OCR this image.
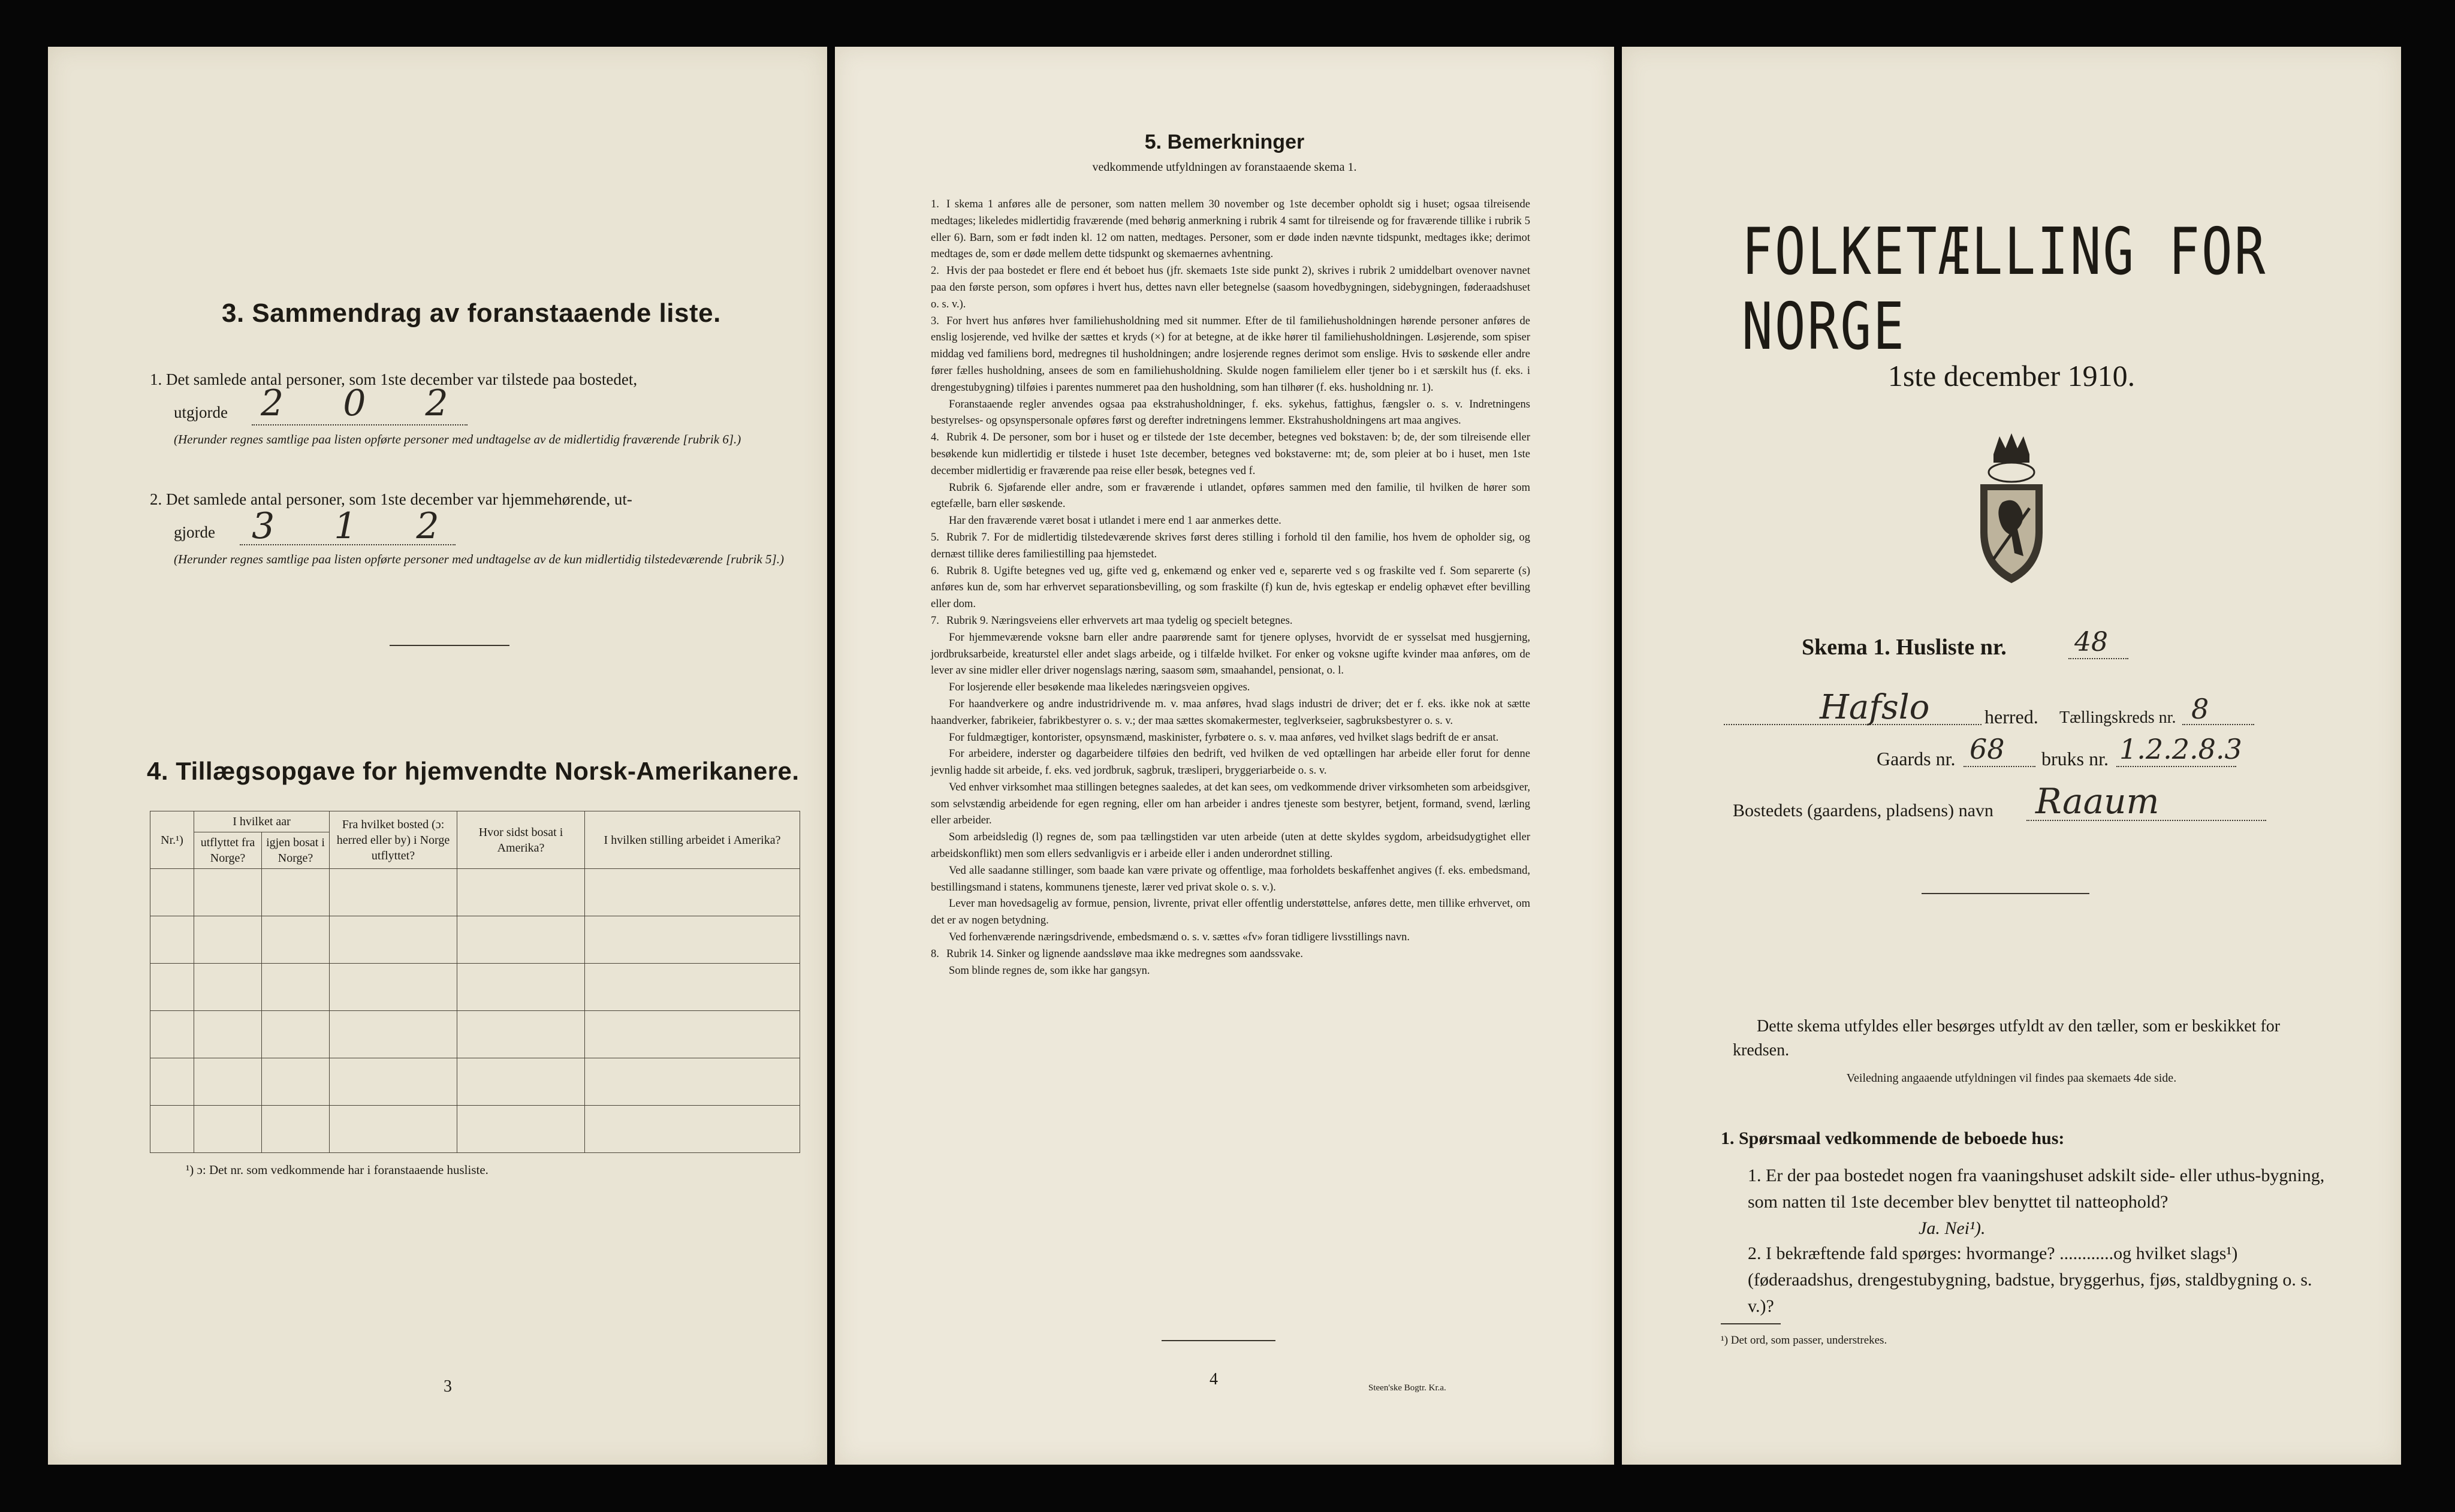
3. Sammendrag av foranstaaende liste.
1. Det samlede antal personer, som 1ste december var tilstede paa bostedet,
utgjorde 2 0 2
(Herunder regnes samtlige paa listen opførte personer med undtagelse av de midlertidig fraværende [rubrik 6].)
2. Det samlede antal personer, som 1ste december var hjemmehørende, ut-
gjorde 3 1 2
(Herunder regnes samtlige paa listen opførte personer med undtagelse av de kun midlertidig tilstedeværende [rubrik 5].)
4. Tillægsopgave for hjemvendte Norsk-Amerikanere.
Nr.¹)	I hvilket aar		Fra hvilket bosted (ɔ: herred eller by) i Norge utflyttet?	Hvor sidst bosat i Amerika?	I hvilken stilling arbeidet i Amerika?
	utflyttet fra Norge?	igjen bosat i Norge?			

¹) ɔ: Det nr. som vedkommende har i foranstaaende husliste.
3
5. Bemerkninger
vedkommende utfyldningen av foranstaaende skema 1.

1. I skema 1 anføres alle de personer, som natten mellem 30 november og 1ste december opholdt sig i huset; ogsaa tilreisende medtages; likeledes midlertidig fraværende (med behørig anmerkning i rubrik 4 samt for tilreisende og for fraværende tillike i rubrik 5 eller 6). Barn, som er født inden kl. 12 om natten, medtages. Personer, som er døde inden nævnte tidspunkt, medtages ikke; derimot medtages de, som er døde mellem dette tidspunkt og skemaernes avhentning.

2. Hvis der paa bostedet er flere end ét beboet hus (jfr. skemaets 1ste side punkt 2), skrives i rubrik 2 umiddelbart ovenover navnet paa den første person, som opføres i hvert hus, dettes navn eller betegnelse (saasom hovedbygningen, sidebygningen, føderaadshuset o. s. v.).

3. For hvert hus anføres hver familiehusholdning med sit nummer. Efter de til familiehusholdningen hørende personer anføres de enslig losjerende, ved hvilke der sættes et kryds (×) for at betegne, at de ikke hører til familiehusholdningen. Løsjerende, som spiser middag ved familiens bord, medregnes til husholdningen; andre losjerende regnes derimot som enslige. Hvis to søskende eller andre fører fælles husholdning, ansees de som en familiehusholdning. Skulde nogen familielem eller tjener bo i et særskilt hus (f. eks. i drengestubygning) tilføies i parentes nummeret paa den husholdning, som han tilhører (f. eks. husholdning nr. 1).

Foranstaaende regler anvendes ogsaa paa ekstrahusholdninger, f. eks. sykehus, fattighus, fængsler o. s. v. Indretningens bestyrelses- og opsynspersonale opføres først og derefter indretningens lemmer. Ekstrahusholdningens art maa angives.

4. Rubrik 4. De personer, som bor i huset og er tilstede der 1ste december, betegnes ved bokstaven: b; de, der som tilreisende eller besøkende kun midlertidig er tilstede i huset 1ste december, betegnes ved bokstaverne: mt; de, som pleier at bo i huset, men 1ste december midlertidig er fraværende paa reise eller besøk, betegnes ved f.

Rubrik 6. Sjøfarende eller andre, som er fraværende i utlandet, opføres sammen med den familie, til hvilken de hører som egtefælle, barn eller søskende.

Har den fraværende været bosat i utlandet i mere end 1 aar anmerkes dette.

5. Rubrik 7. For de midlertidig tilstedeværende skrives først deres stilling i forhold til den familie, hos hvem de opholder sig, og dernæst tillike deres familiestilling paa hjemstedet.

6. Rubrik 8. Ugifte betegnes ved ug, gifte ved g, enkemænd og enker ved e, separerte ved s og fraskilte ved f. Som separerte (s) anføres kun de, som har erhvervet separationsbevilling, og som fraskilte (f) kun de, hvis egteskap er endelig ophævet efter bevilling eller dom.

7. Rubrik 9. Næringsveiens eller erhvervets art maa tydelig og specielt betegnes.

For hjemmeværende voksne barn eller andre paarørende samt for tjenere oplyses, hvorvidt de er sysselsat med husgjerning, jordbruksarbeide, kreaturstel eller andet slags arbeide, og i tilfælde hvilket. For enker og voksne ugifte kvinder maa anføres, om de lever av sine midler eller driver nogenslags næring, saasom søm, smaahandel, pensionat, o. l.

For losjerende eller besøkende maa likeledes næringsveien opgives.

For haandverkere og andre industridrivende m. v. maa anføres, hvad slags industri de driver; det er f. eks. ikke nok at sætte haandverker, fabrikeier, fabrikbestyrer o. s. v.; der maa sættes skomakermester, teglverkseier, sagbruksbestyrer o. s. v.

For fuldmægtiger, kontorister, opsynsmænd, maskinister, fyrbøtere o. s. v. maa anføres, ved hvilket slags bedrift de er ansat.

For arbeidere, inderster og dagarbeidere tilføies den bedrift, ved hvilken de ved optællingen har arbeide eller forut for denne jevnlig hadde sit arbeide, f. eks. ved jordbruk, sagbruk, træsliperi, bryggeriarbeide o. s. v.

Ved enhver virksomhet maa stillingen betegnes saaledes, at det kan sees, om vedkommende driver virksomheten som arbeidsgiver, som selvstændig arbeidende for egen regning, eller om han arbeider i andres tjeneste som bestyrer, betjent, formand, svend, lærling eller arbeider.

Som arbeidsledig (l) regnes de, som paa tællingstiden var uten arbeide (uten at dette skyldes sygdom, arbeidsudygtighet eller arbeidskonflikt) men som ellers sedvanligvis er i arbeide eller i anden underordnet stilling.

Ved alle saadanne stillinger, som baade kan være private og offentlige, maa forholdets beskaffenhet angives (f. eks. embedsmand, bestillingsmand i statens, kommunens tjeneste, lærer ved privat skole o. s. v.).

Lever man hovedsagelig av formue, pension, livrente, privat eller offentlig understøttelse, anføres dette, men tillike erhvervet, om det er av nogen betydning.

Ved forhenværende næringsdrivende, embedsmænd o. s. v. sættes «fv» foran tidligere livsstillings navn.

8. Rubrik 14. Sinker og lignende aandssløve maa ikke medregnes som aandssvake.

Som blinde regnes de, som ikke har gangsyn.

4	Steen'ske Bogtr. Kr.a.
FOLKETÆLLING FOR NORGE
1ste december 1910.
Skema 1. Husliste nr.	48
Hafslo	herred. Tællingskreds nr. 8
Gaards nr. 68 bruks nr. 1.2.2.8.3
Bostedets (gaardens, pladsens) navn Raaum
Dette skema utfyldes eller besørges utfyldt av den tæller, som er beskikket for kredsen.
Veiledning angaaende utfyldningen vil findes paa skemaets 4de side.
1. Spørsmaal vedkommende de beboede hus:
1. Er der paa bostedet nogen fra vaaningshuset adskilt side- eller uthus-bygning, som natten til 1ste december blev benyttet til natteophold?
Ja. Nei¹).
2. I bekræftende fald spørges: hvormange? ............og hvilket slags¹) (føderaadshus, drengestubygning, badstue, bryggerhus, fjøs, staldbygning o. s. v.)?
¹) Det ord, som passer, understrekes.
